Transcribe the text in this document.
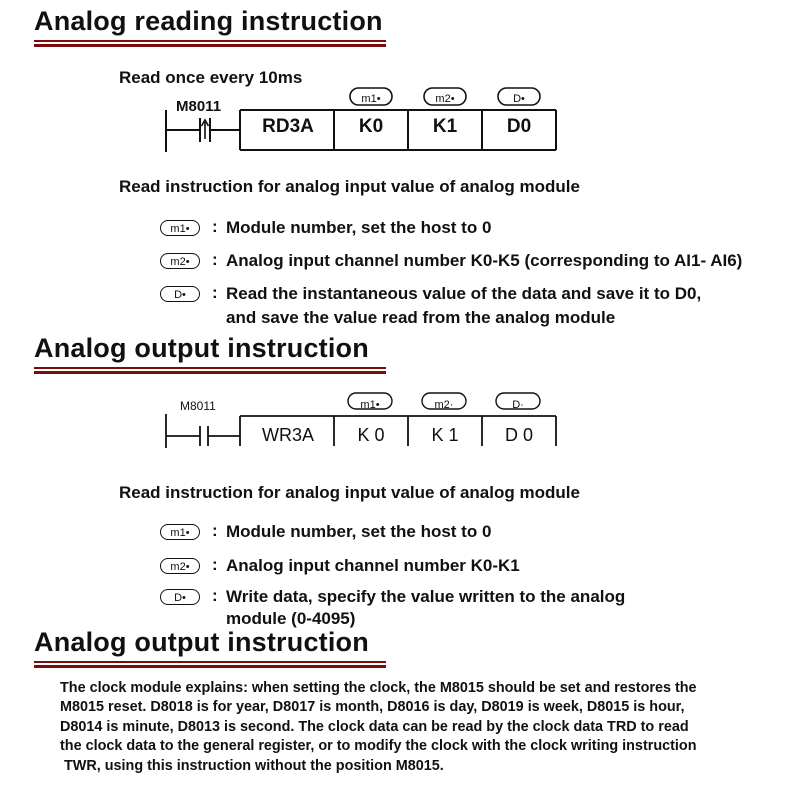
Analog reading instruction
Read once every 10ms
M8011
RD3A	K0	K1	D0
m1•	m2•	D•
Read instruction for analog input value of analog module
m1•	: Module number, set the host to 0
m2•	: Analog input channel number K0-K5 (corresponding to AI1- AI6)
D•	: Read the instantaneous value of the data and save it to D0,
and save the value read from the analog module
Analog output instruction
M8011
WR3A	K 0	K 1	D 0
m1•	m2·	D·
Read instruction for analog input value of analog module
m1•	: Module number, set the host to 0
m2•	: Analog input channel number K0-K1
D•	: Write data, specify the value written to the analog
module (0-4095)
Analog output instruction
The clock module explains: when setting the clock, the M8015 should be set and restores the
M8015 reset. D8018 is for year, D8017 is month, D8016 is day, D8019 is week, D8015 is hour,
D8014 is minute, D8013 is second. The clock data can be read by the clock data TRD to read
the clock data to the general register, or to modify the clock with the clock writing instruction
TWR, using this instruction without the position M8015.
